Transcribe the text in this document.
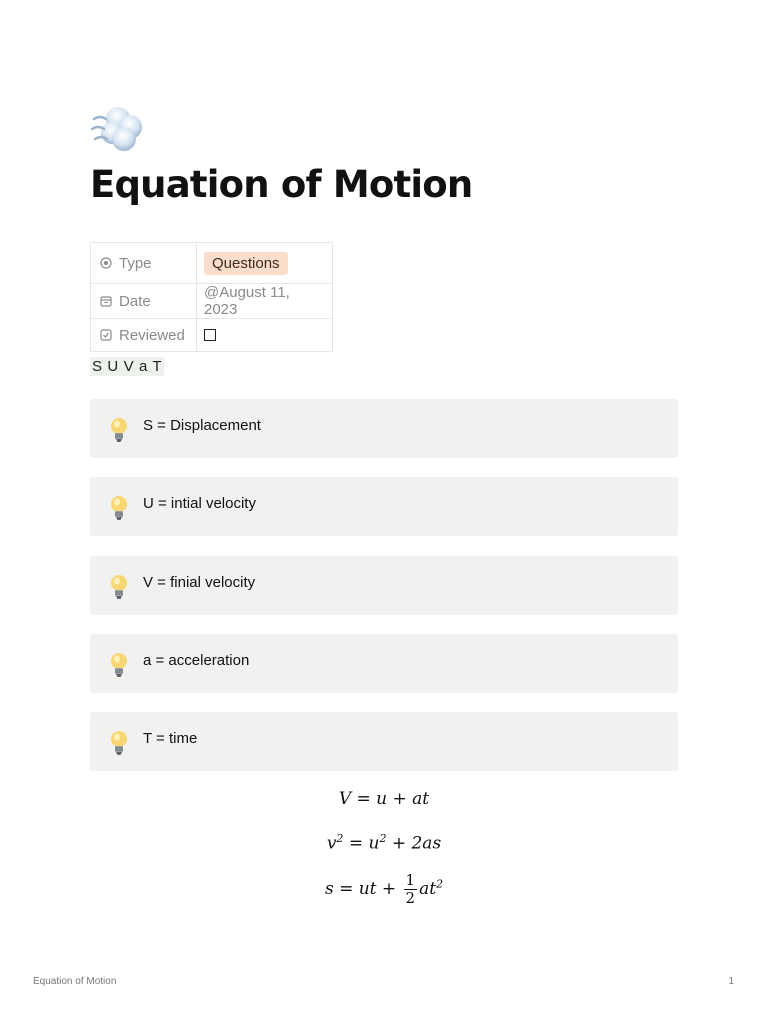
Equation of Motion
Type	Questions
Date	@August 11, 2023
Reviewed	
S U V a T
S = Displacement
U = intial velocity
V = finial velocity
a = acceleration
T = time
V = u + at
$v^2 = u^2 + 2as$
s = ut + $\frac{1}{2} at^2$
Equation of Motion	1
